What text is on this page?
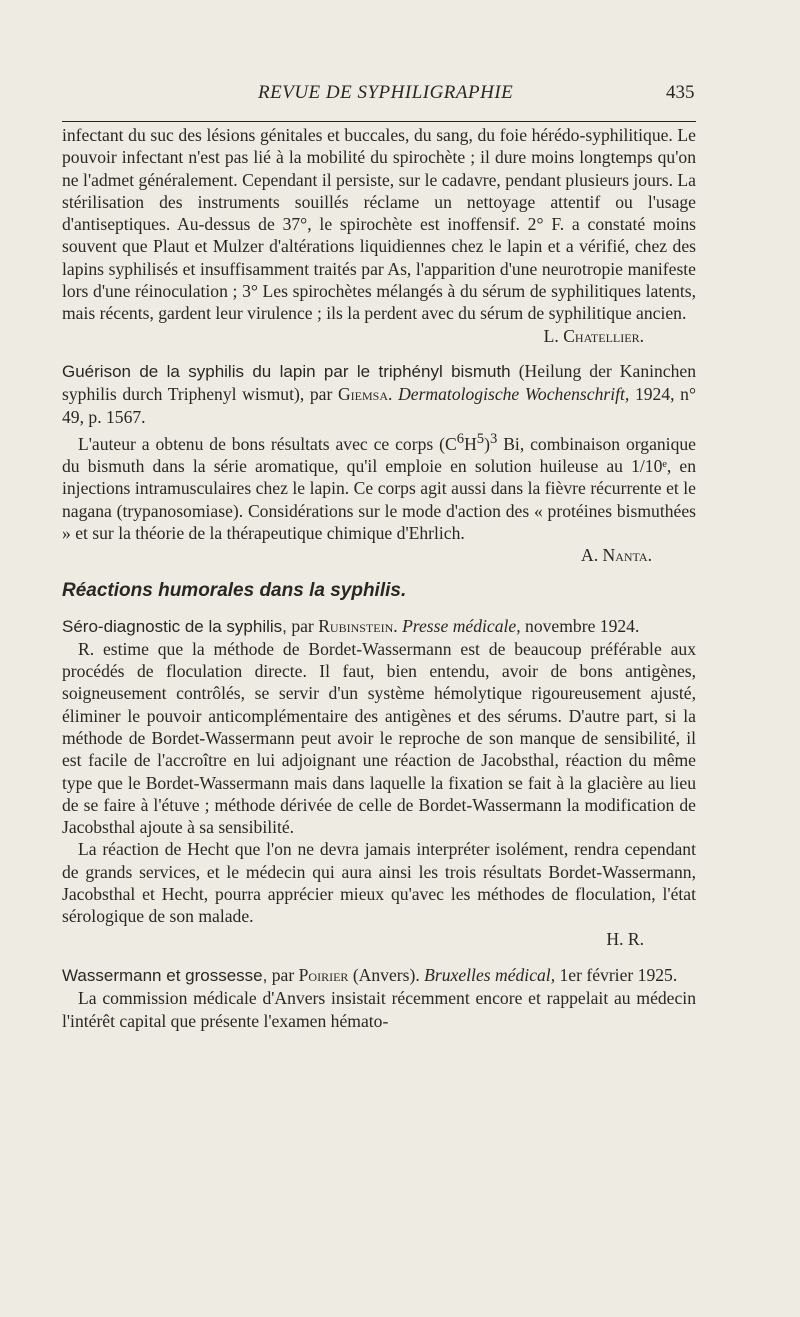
REVUE DE SYPHILIGRAPHIE	435

infectant du suc des lésions génitales et buccales, du sang, du foie hérédo-syphilitique. Le pouvoir infectant n'est pas lié à la mobilité du spirochète ; il dure moins longtemps qu'on ne l'admet généralement. Cependant il persiste, sur le cadavre, pendant plusieurs jours. La stérilisation des instruments souillés réclame un nettoyage attentif ou l'usage d'antiseptiques. Au-dessus de 37°, le spirochète est inoffensif. 2° F. a constaté moins souvent que Plaut et Mulzer d'altérations liquidiennes chez le lapin et a vérifié, chez des lapins syphilisés et insuffisamment traités par As, l'apparition d'une neurotropie manifeste lors d'une réinoculation ; 3° Les spirochètes mélangés à du sérum de syphilitiques latents, mais récents, gardent leur virulence ; ils la perdent avec du sérum de syphilitique ancien.

L. Chatellier.

Guérison de la syphilis du lapin par le triphényl bismuth (Heilung der Kaninchen syphilis durch Triphenyl wismut), par Giemsa. Dermatologische Wochenschrift, 1924, n° 49, p. 1567.

L'auteur a obtenu de bons résultats avec ce corps $(C^6H^5)^3$ Bi, combinaison organique du bismuth dans la série aromatique, qu'il emploie en solution huileuse au 1/10ᵉ, en injections intramusculaires chez le lapin. Ce corps agit aussi dans la fièvre récurrente et le nagana (trypanosomiase). Considérations sur le mode d'action des « protéines bismuthées » et sur la théorie de la thérapeutique chimique d'Ehrlich.

A. Nanta.

Réactions humorales dans la syphilis.

Séro-diagnostic de la syphilis, par Rubinstein. Presse médicale, novembre 1924.

R. estime que la méthode de Bordet-Wassermann est de beaucoup préférable aux procédés de floculation directe. Il faut, bien entendu, avoir de bons antigènes, soigneusement contrôlés, se servir d'un système hémolytique rigoureusement ajusté, éliminer le pouvoir anticomplémentaire des antigènes et des sérums. D'autre part, si la méthode de Bordet-Wassermann peut avoir le reproche de son manque de sensibilité, il est facile de l'accroître en lui adjoignant une réaction de Jacobsthal, réaction du même type que le Bordet-Wassermann mais dans laquelle la fixation se fait à la glacière au lieu de se faire à l'étuve ; méthode dérivée de celle de Bordet-Wassermann la modification de Jacobsthal ajoute à sa sensibilité.

La réaction de Hecht que l'on ne devra jamais interpréter isolément, rendra cependant de grands services, et le médecin qui aura ainsi les trois résultats Bordet-Wassermann, Jacobsthal et Hecht, pourra apprécier mieux qu'avec les méthodes de floculation, l'état sérologique de son malade.

H. R.

Wassermann et grossesse, par Poirier (Anvers). Bruxelles médical, 1er février 1925.

La commission médicale d'Anvers insistait récemment encore et rappelait au médecin l'intérêt capital que présente l'examen hémato-
